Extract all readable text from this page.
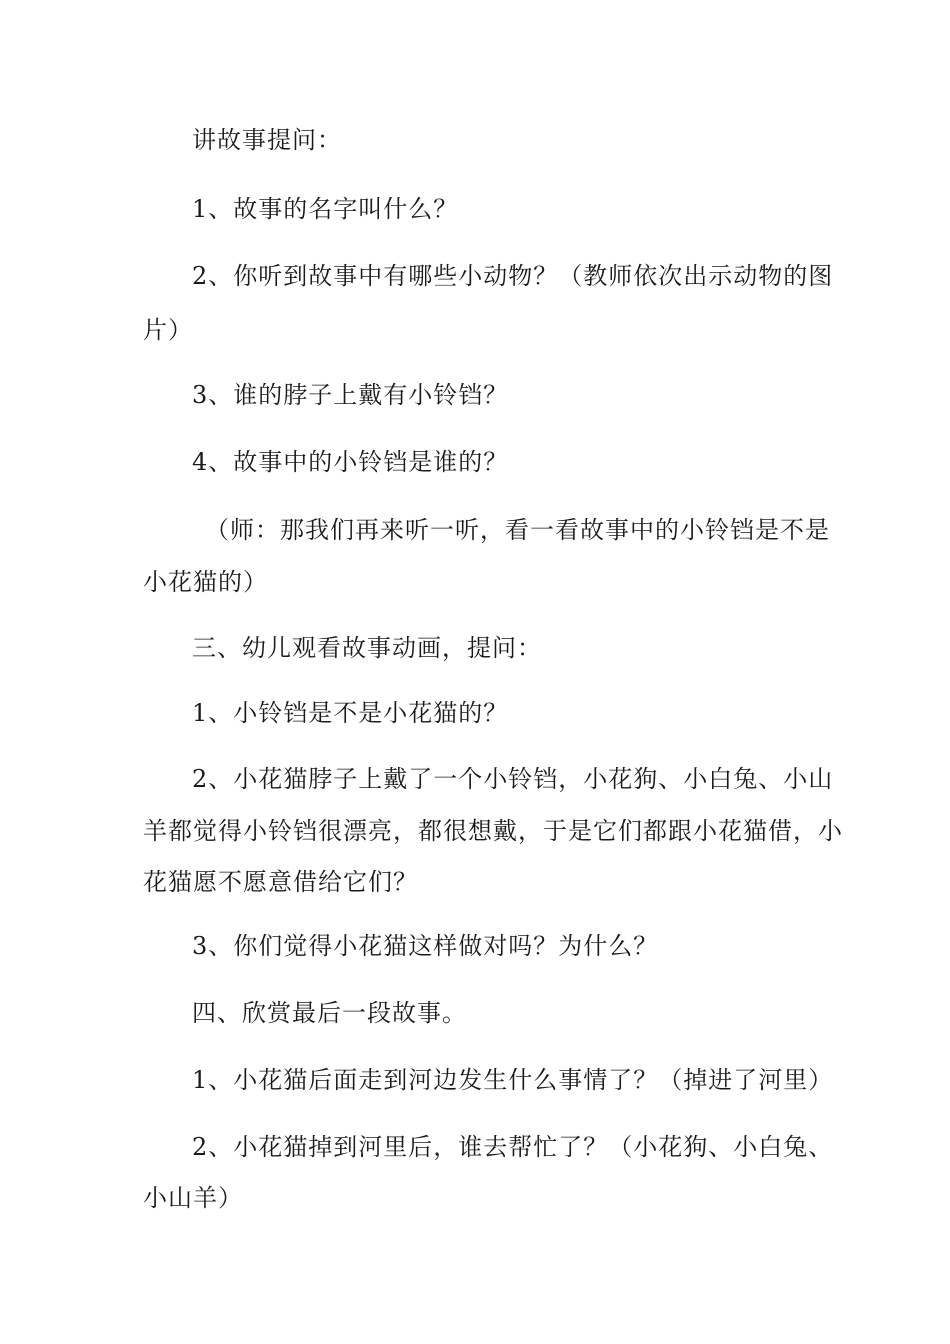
讲故事提问：
1、故事的名字叫什么？
2、你听到故事中有哪些小动物？（教师依次出示动物的图
片）
3、谁的脖子上戴有小铃铛？
4、故事中的小铃铛是谁的？
（师：那我们再来听一听，看一看故事中的小铃铛是不是
小花猫的）
三、幼儿观看故事动画，提问：
1、小铃铛是不是小花猫的？
2、小花猫脖子上戴了一个小铃铛，小花狗、小白兔、小山
羊都觉得小铃铛很漂亮，都很想戴，于是它们都跟小花猫借，小
花猫愿不愿意借给它们？
3、你们觉得小花猫这样做对吗？为什么？
四、欣赏最后一段故事。
1、小花猫后面走到河边发生什么事情了？（掉进了河里）
2、小花猫掉到河里后，谁去帮忙了？（小花狗、小白兔、
小山羊）
